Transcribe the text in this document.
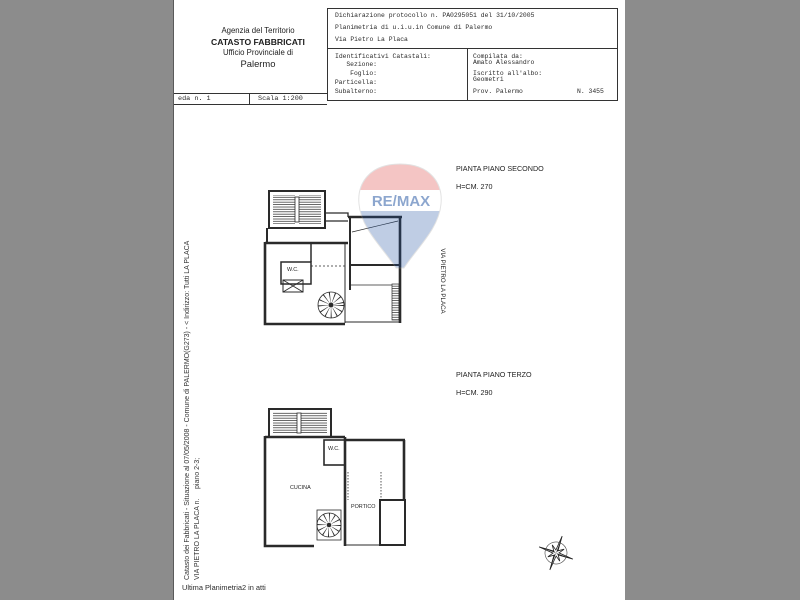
RE/MAX
Agenzia del Territorio
CATASTO FABBRICATI
Ufficio Provinciale di
Palermo
Dichiarazione protocollo n. PA0295051 del 31/10/2005
Planimetria di u.i.u.in Comune di Palermo
Via Pietro La Placa
Identificativi Catastali:
Sezione:
Foglio:
Particella:
Subalterno:
Compilata da:
Amato Alessandro
Iscritto all'albo:
Geometri
Prov. Palermo	N. 3455
eda n. 1	Scala 1:200
Catasto dei Fabbricati - Situazione al 07/05/2008 - Comune di PALERMO(G273) - < Indirizzo: Tutti LA PLACA VIA PIETRO LA PLACA n.     piano 2-3;
PIANTA PIANO SECONDO
H=CM. 270
VIA PIETRO LA PLACA
W.C.
PIANTA PIANO TERZO
H=CM. 290
W.C.
CUCINA
PORTICO
Ultima Planimetria2 in atti
